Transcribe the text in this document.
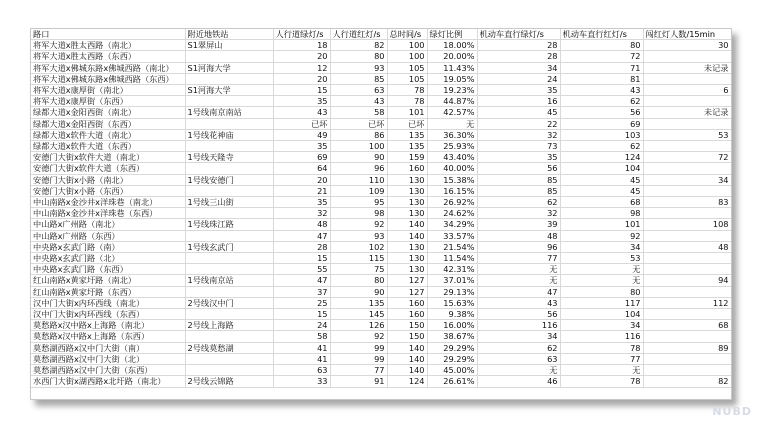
路口	附近地铁站	人行道绿灯/s	人行道红灯/s	总时间/s	绿灯比例	机动车直行绿灯/s	机动车直行红灯/s	闯红灯人数/15min
将军大道x胜太西路（南北）	S1翠屏山	18	82	100	18.00%	28	80	30
将军大道x胜太西路（东西）		20	80	100	20.00%	28	72	
将军大道x佛城东路x佛城西路（南北）	S1河海大学	12	93	105	11.43%	34	71	未记录
将军大道x佛城东路x佛城西路（东西）		20	85	105	19.05%	24	81	
将军大道x康厚街（南北）	S1河海大学	15	63	78	19.23%	35	43	6
将军大道x康厚街（东西）		35	43	78	44.87%	16	62	
绿都大道x金阳西街（南北）	1号线南京南站	43	58	101	42.57%	45	56	未记录
绿都大道x金阳西街（东西）		已坏	已坏	已坏	无	22	69	
绿都大道x软件大道（南北）	1号线花神庙	49	86	135	36.30%	32	103	53
绿都大道x软件大道（东西）		35	100	135	25.93%	73	62	
安德门大街x软件大道（南北）	1号线天隆寺	69	90	159	43.40%	35	124	72
安德门大街x软件大道（东西）		64	96	160	40.00%	56	104	
安德门大街x小路（南北）	1号线安德门	20	110	130	15.38%	85	45	34
安德门大街x小路（东西）		21	109	130	16.15%	85	45	
中山南路x金沙井x洋珠巷（南北）	1号线三山街	35	95	130	26.92%	62	68	83
中山南路x金沙井x洋珠巷（东西）		32	98	130	24.62%	32	98	
中山路x广州路（南北）	1号线珠江路	48	92	140	34.29%	39	101	108
中山路x广州路（东西）		47	93	140	33.57%	48	92	
中央路x玄武门路（南）	1号线玄武门	28	102	130	21.54%	96	34	48
中央路x玄武门路（北）		15	115	130	11.54%	77	53	
中央路x玄武门路（东西）		55	75	130	42.31%	无	无	
红山南路x黄家圩路（南北）	1号线南京站	47	80	127	37.01%	无	无	94
红山南路x黄家圩路（东西）		37	90	127	29.13%	47	80	
汉中门大街x内环西线（南北）	2号线汉中门	25	135	160	15.63%	43	117	112
汉中门大街x内环西线（东西）		15	145	160	9.38%	56	104	
莫愁路x汉中路x上海路（南北）	2号线上海路	24	126	150	16.00%	116	34	68
莫愁路x汉中路x上海路（东西）		58	92	150	38.67%	34	116	
莫愁湖西路x汉中门大街（南）	2号线莫愁湖	41	99	140	29.29%	62	78	89
莫愁湖西路x汉中门大街（北）		41	99	140	29.29%	63	77	
莫愁湖西路x汉中门大街（东西）		63	77	140	45.00%	无	无	
水西门大街x湖西路x北圩路（南北）	2号线云锦路	33	91	124	26.61%	46	78	82
NUBD
